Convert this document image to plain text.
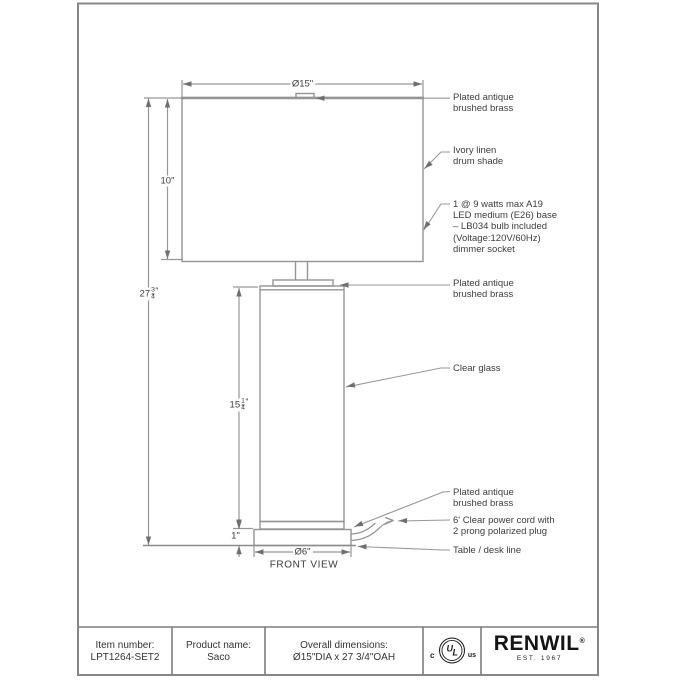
Ø15"
10"
$27 \frac{3}{4}$ "
$15 \frac{1}{4}$ "
1"
Ø6"
FRONT VIEW
Plated antique
brushed brass
Ivory linen
drum shade
1 @ 9 watts max A19
LED medium (E26) base
– LB034 bulb included
(Voltage:120V/60Hz)
dimmer socket
Plated antique
brushed brass
Clear glass
Plated antique
brushed brass
6' Clear power cord with
2 prong polarized plug
Table / desk line
Item number:
LPT1264-SET2
Product name:
Saco
Overall dimensions:
Ø15"DIA x 27 3/4"OAH	c
UL us
RENWIL®
EST. 1967
